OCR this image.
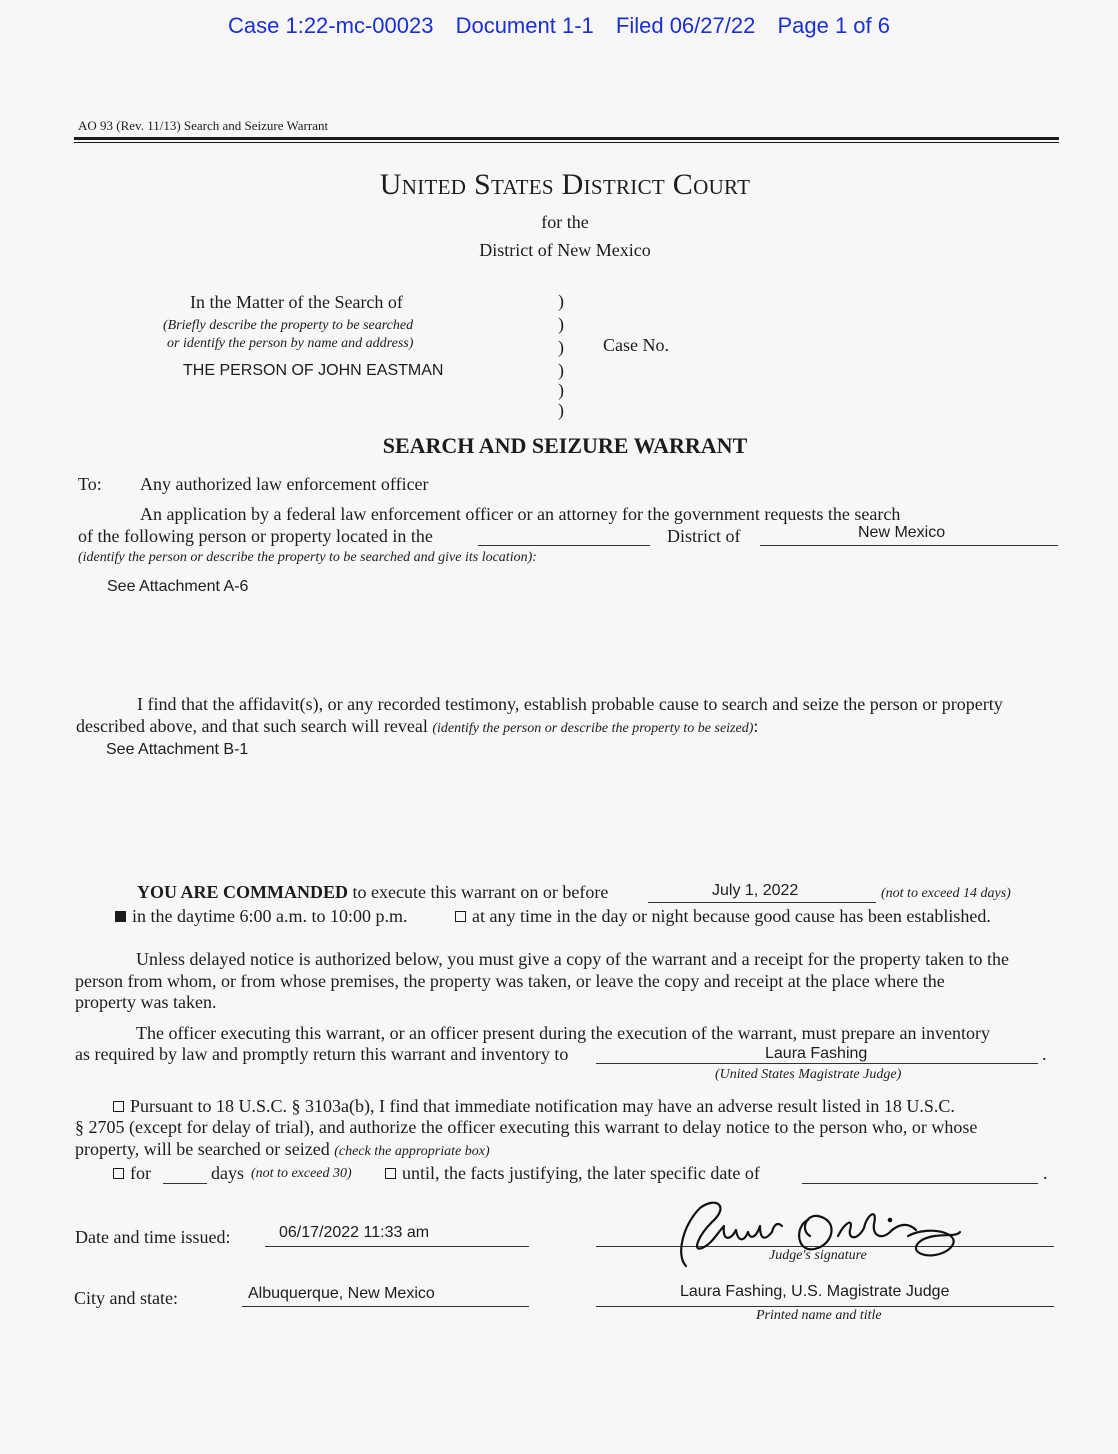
Case 1:22-mc-00023 Document 1-1 Filed 06/27/22 Page 1 of 6
AO 93 (Rev. 11/13) Search and Seizure Warrant
United States District Court
for the
District of New Mexico
In the Matter of the Search of
(Briefly describe the property to be searched
or identify the person by name and address)
THE PERSON OF JOHN EASTMAN
)
)
)
)
)
)
Case No.
SEARCH AND SEIZURE WARRANT
To: Any authorized law enforcement officer
An application by a federal law enforcement officer or an attorney for the government requests the search
of the following person or property located in the	District of	New Mexico
(identify the person or describe the property to be searched and give its location):
See Attachment A-6
I find that the affidavit(s), or any recorded testimony, establish probable cause to search and seize the person or property
described above, and that such search will reveal (identify the person or describe the property to be seized):
See Attachment B-1
YOU ARE COMMANDED to execute this warrant on or before	July 1, 2022	(not to exceed 14 days)
in the daytime 6:00 a.m. to 10:00 p.m.	at any time in the day or night because good cause has been established.
Unless delayed notice is authorized below, you must give a copy of the warrant and a receipt for the property taken to the
person from whom, or from whose premises, the property was taken, or leave the copy and receipt at the place where the
property was taken.
The officer executing this warrant, or an officer present during the execution of the warrant, must prepare an inventory
as required by law and promptly return this warrant and inventory to	Laura Fashing	.
(United States Magistrate Judge)
Pursuant to 18 U.S.C. § 3103a(b), I find that immediate notification may have an adverse result listed in 18 U.S.C.
§ 2705 (except for delay of trial), and authorize the officer executing this warrant to delay notice to the person who, or whose
property, will be searched or seized (check the appropriate box)
for	days (not to exceed 30)	until, the facts justifying, the later specific date of	.
Date and time issued:	06/17/2022 11:33 am
Judge's signature
City and state:	Albuquerque, New Mexico	Laura Fashing, U.S. Magistrate Judge
Printed name and title
